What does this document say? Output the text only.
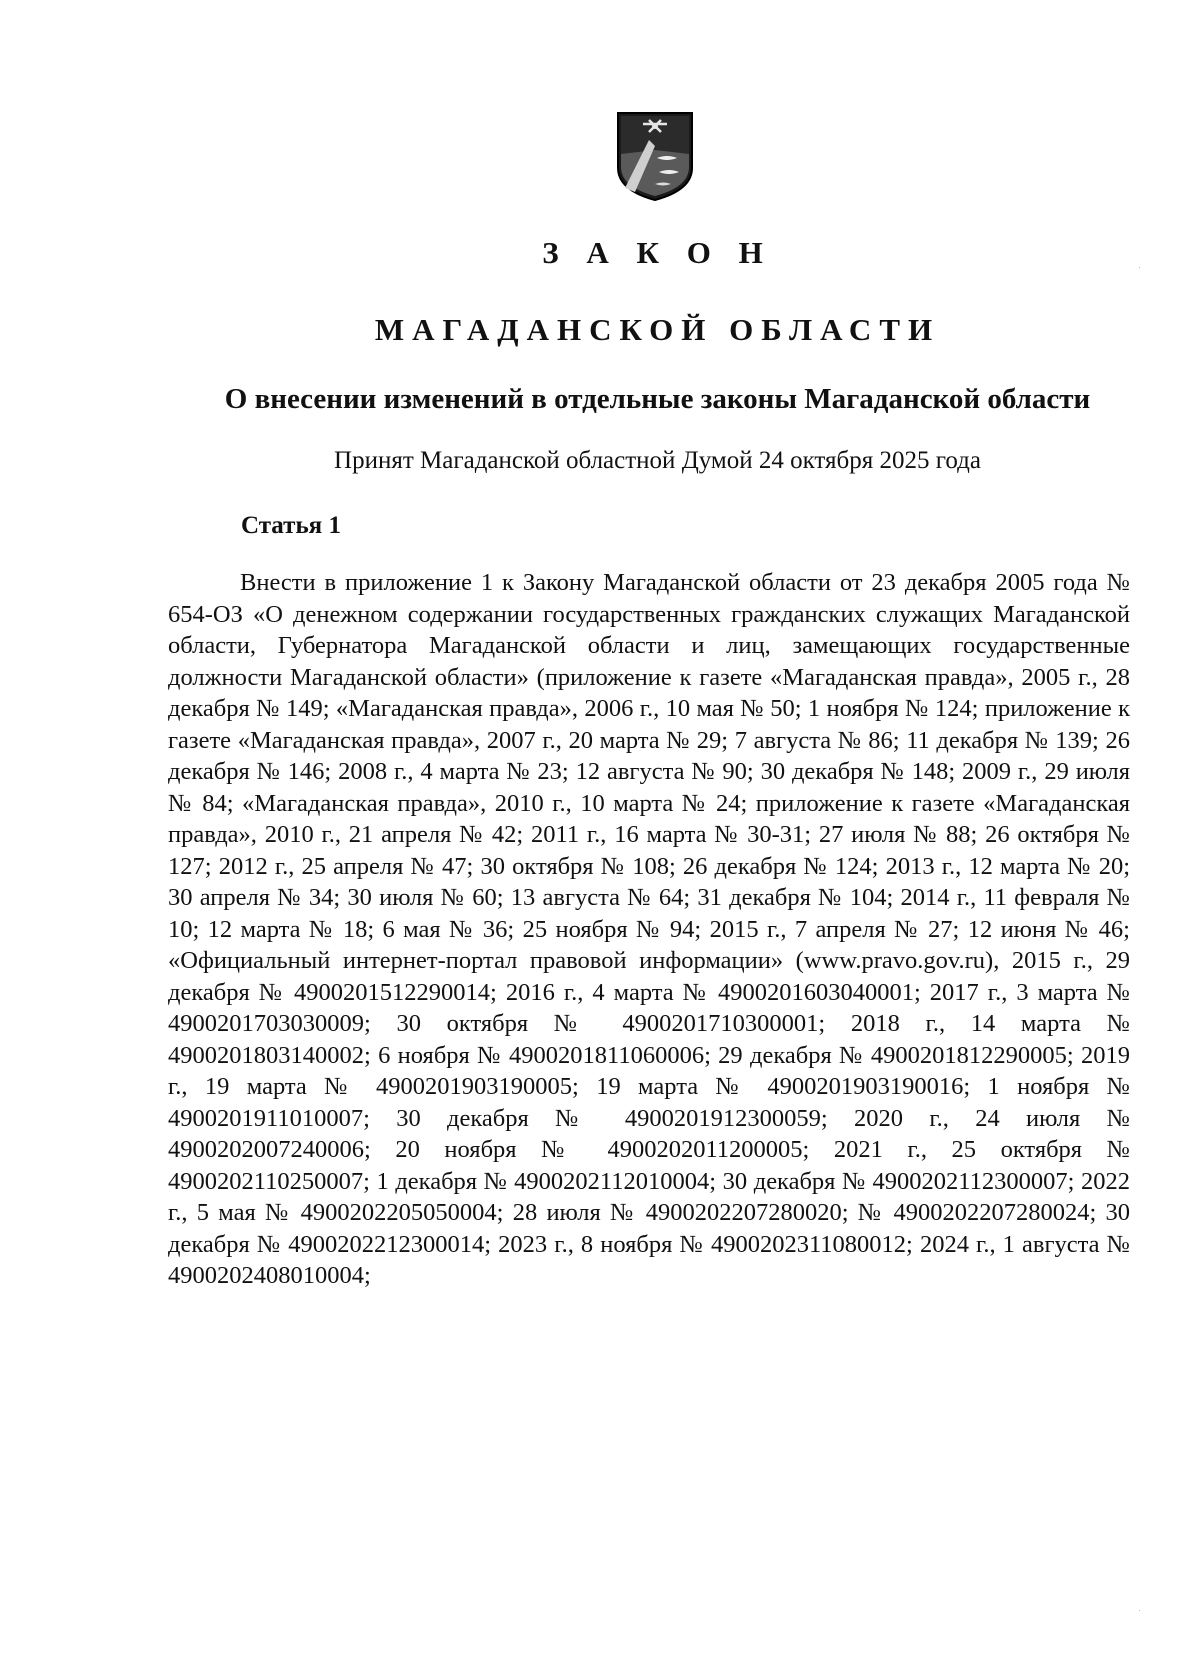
З А К О Н
МАГАДАНСКОЙ ОБЛАСТИ
О внесении изменений в отдельные законы Магаданской области
Принят Магаданской областной Думой 24 октября 2025 года
Статья 1

Внести в приложение 1 к Закону Магаданской области от 23 декабря 2005 года № 654-ОЗ «О денежном содержании государственных гражданских служащих Магаданской области, Губернатора Магаданской области и лиц, замещающих государственные должности Магаданской области» (приложение к газете «Магаданская правда», 2005 г., 28 декабря № 149; «Магаданская правда», 2006 г., 10 мая № 50; 1 ноября № 124; приложение к газете «Магаданская правда», 2007 г., 20 марта № 29; 7 августа № 86; 11 декабря № 139; 26 декабря № 146; 2008 г., 4 марта № 23; 12 августа № 90; 30 декабря № 148; 2009 г., 29 июля № 84; «Магаданская правда», 2010 г., 10 марта № 24; приложение к газете «Магаданская правда», 2010 г., 21 апреля № 42; 2011 г., 16 марта № 30-31; 27 июля № 88; 26 октября № 127; 2012 г., 25 апреля № 47; 30 октября № 108; 26 декабря № 124; 2013 г., 12 марта № 20; 30 апреля № 34; 30 июля № 60; 13 августа № 64; 31 декабря № 104; 2014 г., 11 февраля № 10; 12 марта № 18; 6 мая № 36; 25 ноября № 94; 2015 г., 7 апреля № 27; 12 июня № 46; «Официальный интернет-портал правовой информации» (www.pravo.gov.ru), 2015 г., 29 декабря № 4900201512290014; 2016 г., 4 марта № 4900201603040001; 2017 г., 3 марта № 4900201703030009; 30 октября № 4900201710300001; 2018 г., 14 марта № 4900201803140002; 6 ноября № 4900201811060006; 29 декабря № 4900201812290005; 2019 г., 19 марта № 4900201903190005; 19 марта № 4900201903190016; 1 ноября № 4900201911010007; 30 декабря № 4900201912300059; 2020 г., 24 июля № 4900202007240006; 20 ноября № 4900202011200005; 2021 г., 25 октября № 4900202110250007; 1 декабря № 4900202112010004; 30 декабря № 4900202112300007; 2022 г., 5 мая № 4900202205050004; 28 июля № 4900202207280020; № 4900202207280024; 30 декабря № 4900202212300014; 2023 г., 8 ноября № 4900202311080012; 2024 г., 1 августа № 4900202408010004;
